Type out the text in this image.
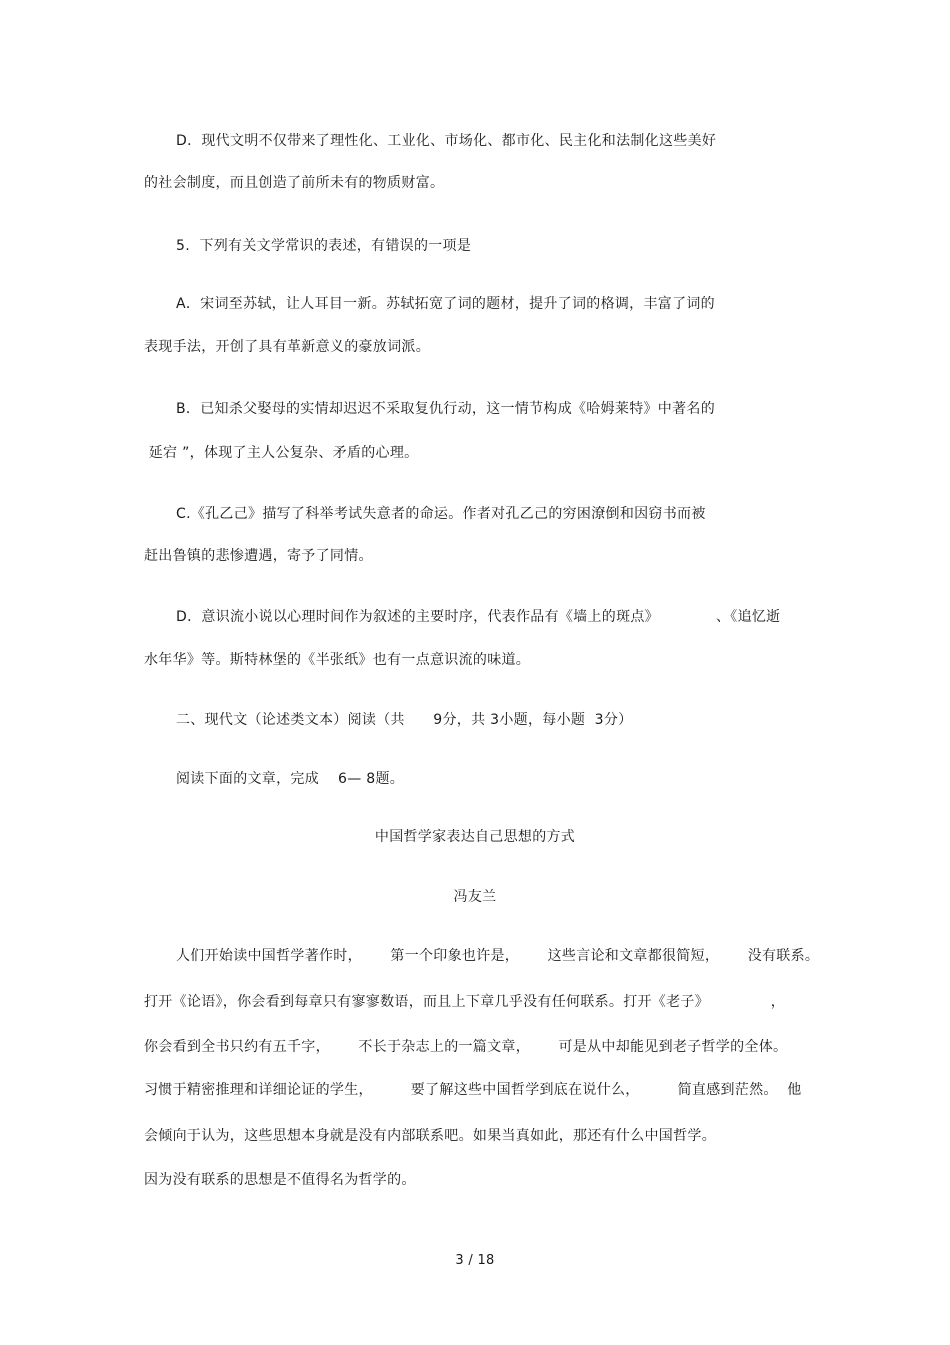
D．现代文明不仅带来了理性化、工业化、市场化、都市化、民主化和法制化这些美好
的社会制度，而且创造了前所未有的物质财富。
5.  下列有关文学常识的表述，有错误的一项是
A．宋词至苏轼，让人耳目一新。苏轼拓宽了词的题材，提升了词的格调，丰富了词的
表现手法，开创了具有革新意义的豪放词派。
B．已知杀父娶母的实情却迟迟不采取复仇行动，这一情节构成《哈姆莱特》中著名的
延宕 ”，体现了主人公复杂、矛盾的心理。
C.《孔乙己》描写了科举考试失意者的命运。作者对孔乙己的穷困潦倒和因窃书而被
赶出鲁镇的悲惨遭遇，寄予了同情。
D．意识流小说以心理时间作为叙述的主要时序，代表作品有《墙上的斑点》            、《追忆逝
水年华》等。斯特林堡的《半张纸》也有一点意识流的味道。
二、现代文（论述类文本）阅读（共      9分，共 3小题，每小题  3分）
阅读下面的文章，完成    6— 8题。
中国哲学家表达自己思想的方式
冯友兰
人们开始读中国哲学著作时，      第一个印象也许是，      这些言论和文章都很简短，      没有联系。
打开《论语》，你会看到每章只有寥寥数语，而且上下章几乎没有任何联系。打开《老子》             ，
你会看到全书只约有五千字，      不长于杂志上的一篇文章，      可是从中却能见到老子哲学的全体。
习惯于精密推理和详细论证的学生，        要了解这些中国哲学到底在说什么，        简直感到茫然。  他
会倾向于认为，这些思想本身就是没有内部联系吧。如果当真如此，那还有什么中国哲学。
因为没有联系的思想是不值得名为哲学的。
3 / 18
